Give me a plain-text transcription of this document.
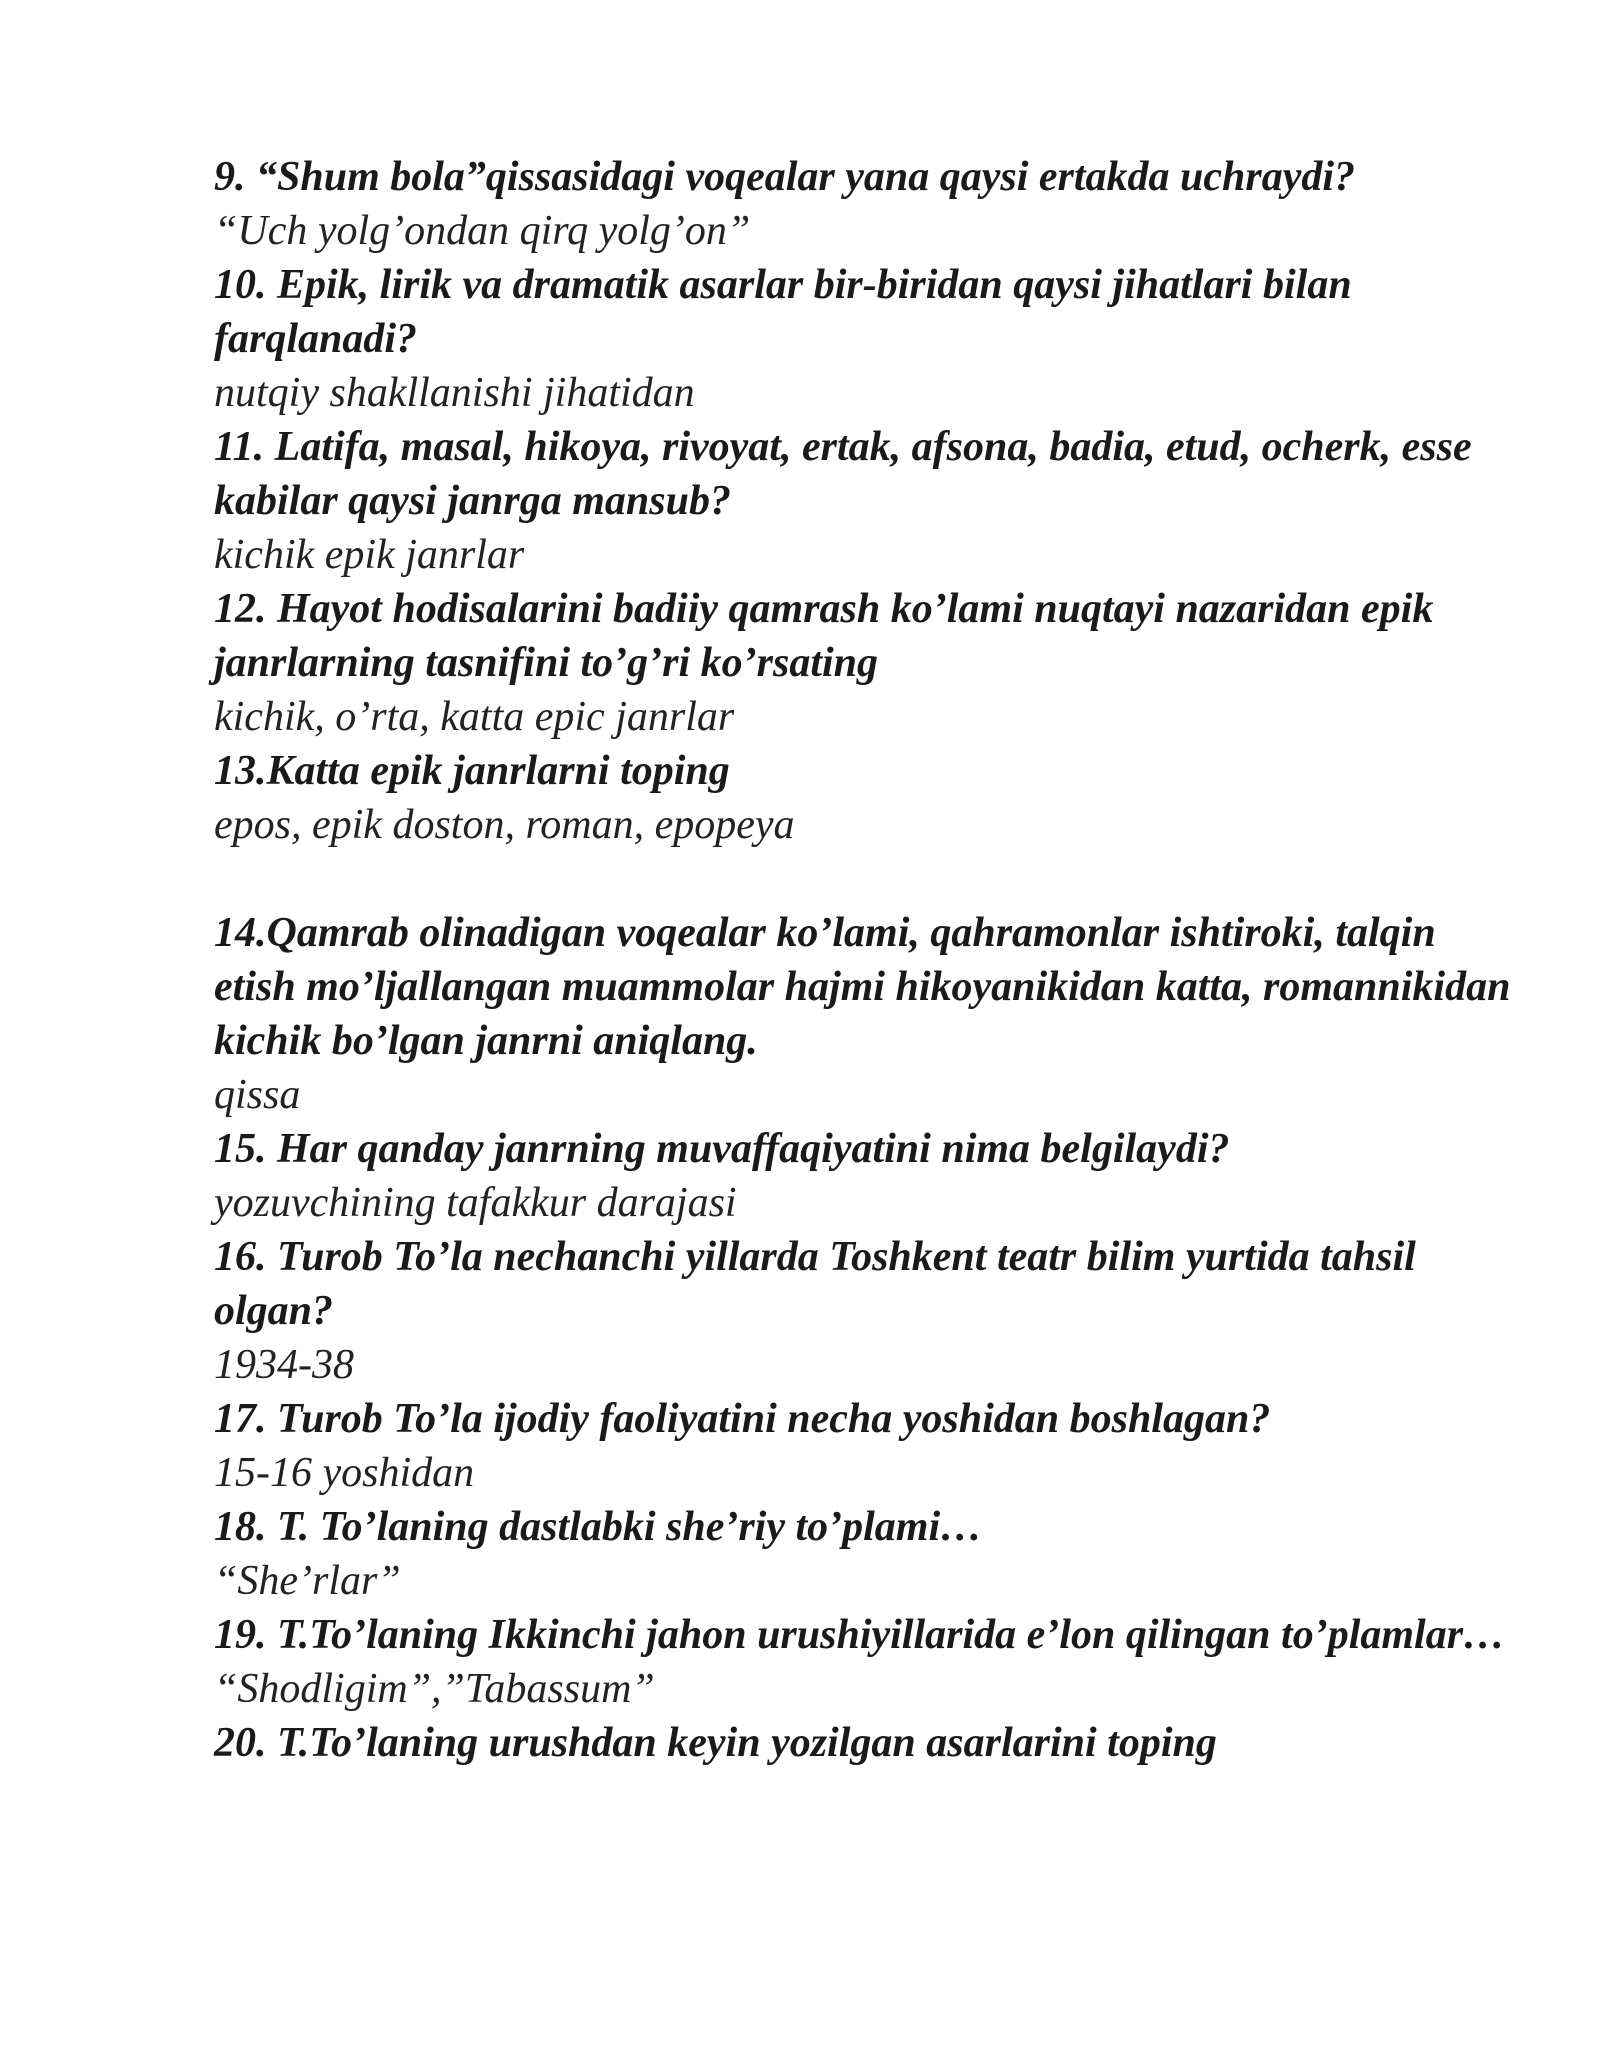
9. “Shum bola”qissasidagi voqealar yana qaysi ertakda uchraydi?
“Uch yolg’ondan qirq yolg’on”
10. Epik, lirik va dramatik asarlar bir-biridan qaysi jihatlari bilan farqlanadi?
nutqiy shakllanishi jihatidan
11. Latifa, masal, hikoya, rivoyat, ertak, afsona, badia, etud, ocherk, esse kabilar qaysi janrga mansub?
kichik epik janrlar
12. Hayot hodisalarini badiiy qamrash ko’lami nuqtayi nazaridan epik janrlarning tasnifini to’g’ri ko’rsating
kichik, o’rta, katta epic janrlar
13.Katta epik janrlarni toping
epos, epik doston, roman, epopeya
14.Qamrab olinadigan voqealar ko’lami, qahramonlar ishtiroki, talqin etish mo’ljallangan muammolar hajmi hikoyanikidan katta, romannikidan kichik bo’lgan janrni aniqlang.
qissa
15. Har qanday janrning muvaffaqiyatini nima belgilaydi?
yozuvchining tafakkur darajasi
16. Turob To’la nechanchi yillarda Toshkent teatr bilim yurtida tahsil olgan?
1934-38
17. Turob To’la ijodiy faoliyatini necha yoshidan boshlagan?
15-16 yoshidan
18. T. To’laning dastlabki she’riy to’plami…
“She’rlar”
19. T.To’laning Ikkinchi jahon urushiyillarida e’lon qilingan to’plamlar…
“Shodligim”,”Tabassum”
20. T.To’laning urushdan keyin yozilgan asarlarini toping
